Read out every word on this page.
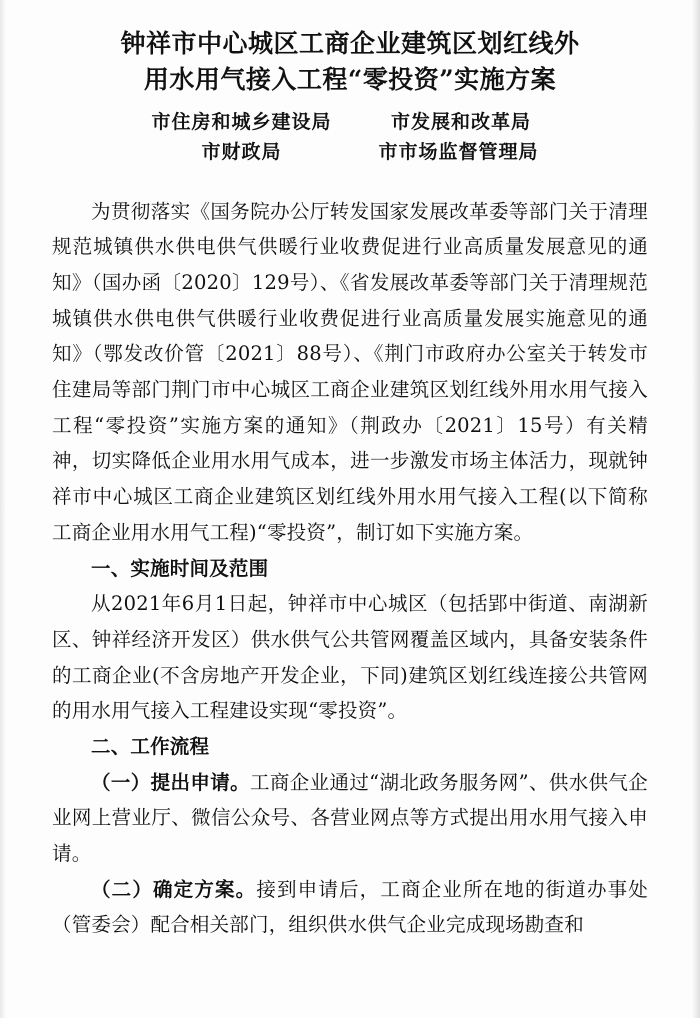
钟祥市中心城区工商企业建筑区划红线外
用水用气接入工程“零投资”实施方案
市住房和城乡建设局	市发展和改革局
市财政局	市市场监督管理局

为贯彻落实《国务院办公厅转发国家发展改革委等部门关于清理规范城镇供水供电供气供暖行业收费促进行业高质量发展意见的通知》（国办函〔2020〕129号）、《省发展改革委等部门关于清理规范城镇供水供电供气供暖行业收费促进行业高质量发展实施意见的通知》（鄂发改价管〔2021〕88号）、《荆门市政府办公室关于转发市住建局等部门荆门市中心城区工商企业建筑区划红线外用水用气接入工程“零投资”实施方案的通知》（荆政办〔2021〕15号）有关精神，切实降低企业用水用气成本，进一步激发市场主体活力，现就钟祥市中心城区工商企业建筑区划红线外用水用气接入工程(以下简称工商企业用水用气工程)“零投资”，制订如下实施方案。

一、实施时间及范围

从2021年6月1日起，钟祥市中心城区（包括郢中街道、南湖新区、钟祥经济开发区）供水供气公共管网覆盖区域内，具备安装条件的工商企业(不含房地产开发企业，下同)建筑区划红线连接公共管网的用水用气接入工程建设实现“零投资”。

二、工作流程

（一）提出申请。工商企业通过“湖北政务服务网”、供水供气企业网上营业厅、微信公众号、各营业网点等方式提出用水用气接入申请。

（二）确定方案。接到申请后，工商企业所在地的街道办事处（管委会）配合相关部门，组织供水供气企业完成现场勘查和
